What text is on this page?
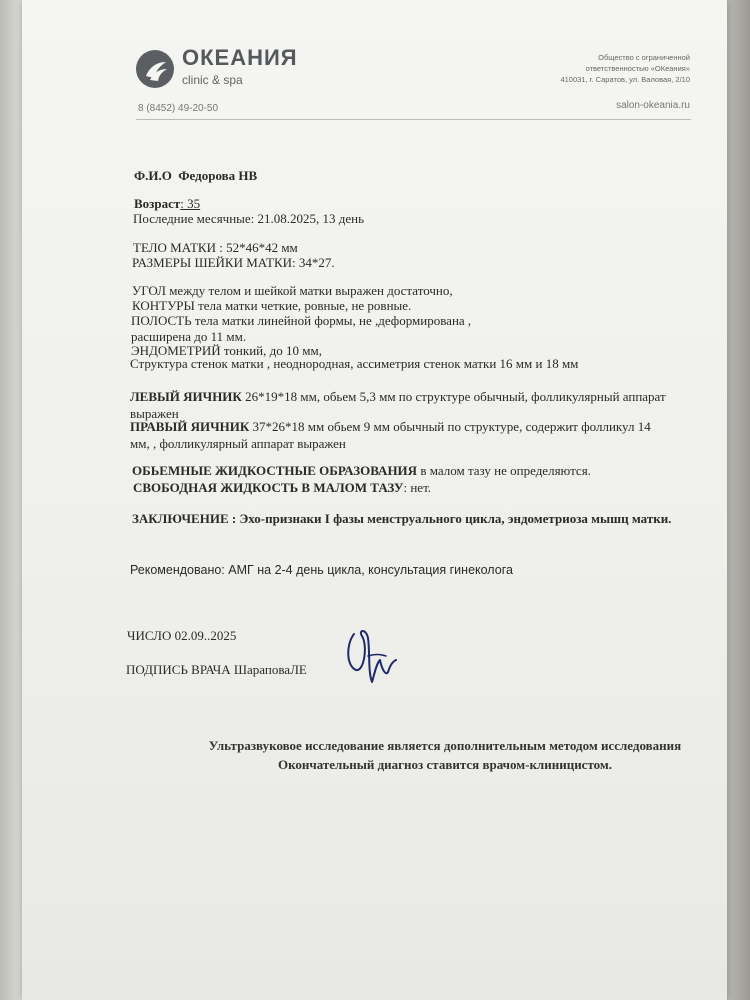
ОКЕАНИЯ
clinic & spa
Общество с ограниченной
ответственностью «ОКеания»
410031, г. Саратов, ул. Валовая, 2/10
8 (8452) 49-20-50	salon-okeania.ru
Ф.И.О Федорова НВ
Возраст: 35
Последние месячные: 21.08.2025, 13 день
ТЕЛО МАТКИ : 52*46*42 мм
РАЗМЕРЫ ШЕЙКИ МАТКИ: 34*27.
УГОЛ между телом и шейкой матки выражен достаточно,
КОНТУРЫ тела матки четкие, ровные, не ровные.
ПОЛОСТЬ тела матки линейной формы, не ,деформирована ,
расширена до 11 мм.
ЭНДОМЕТРИЙ тонкий, до 10 мм,
Структура стенок матки , неоднородная, ассиметрия стенок матки 16 мм и 18 мм
ЛЕВЫЙ ЯИЧНИК 26*19*18 мм, обьем 5,3 мм по структуре обычный, фолликулярный аппарат
выражен
ПРАВЫЙ ЯИЧНИК 37*26*18 мм обьем 9 мм обычный по структуре, содержит фолликул 14
мм, , фолликулярный аппарат выражен
ОБЬЕМНЫЕ ЖИДКОСТНЫЕ ОБРАЗОВАНИЯ в малом тазу не определяются.
СВОБОДНАЯ ЖИДКОСТЬ В МАЛОМ ТАЗУ: нет.
ЗАКЛЮЧЕНИЕ : Эхо-признаки I фазы менструального цикла, эндометриоза мышц матки.
Рекомендовано: АМГ на 2-4 день цикла, консультация гинеколога
ЧИСЛО 02.09..2025
ПОДПИСЬ ВРАЧА ШараповаЛЕ
Ультразвуковое исследование является дополнительным методом исследования
Окончательный диагноз ставится врачом-клиницистом.
